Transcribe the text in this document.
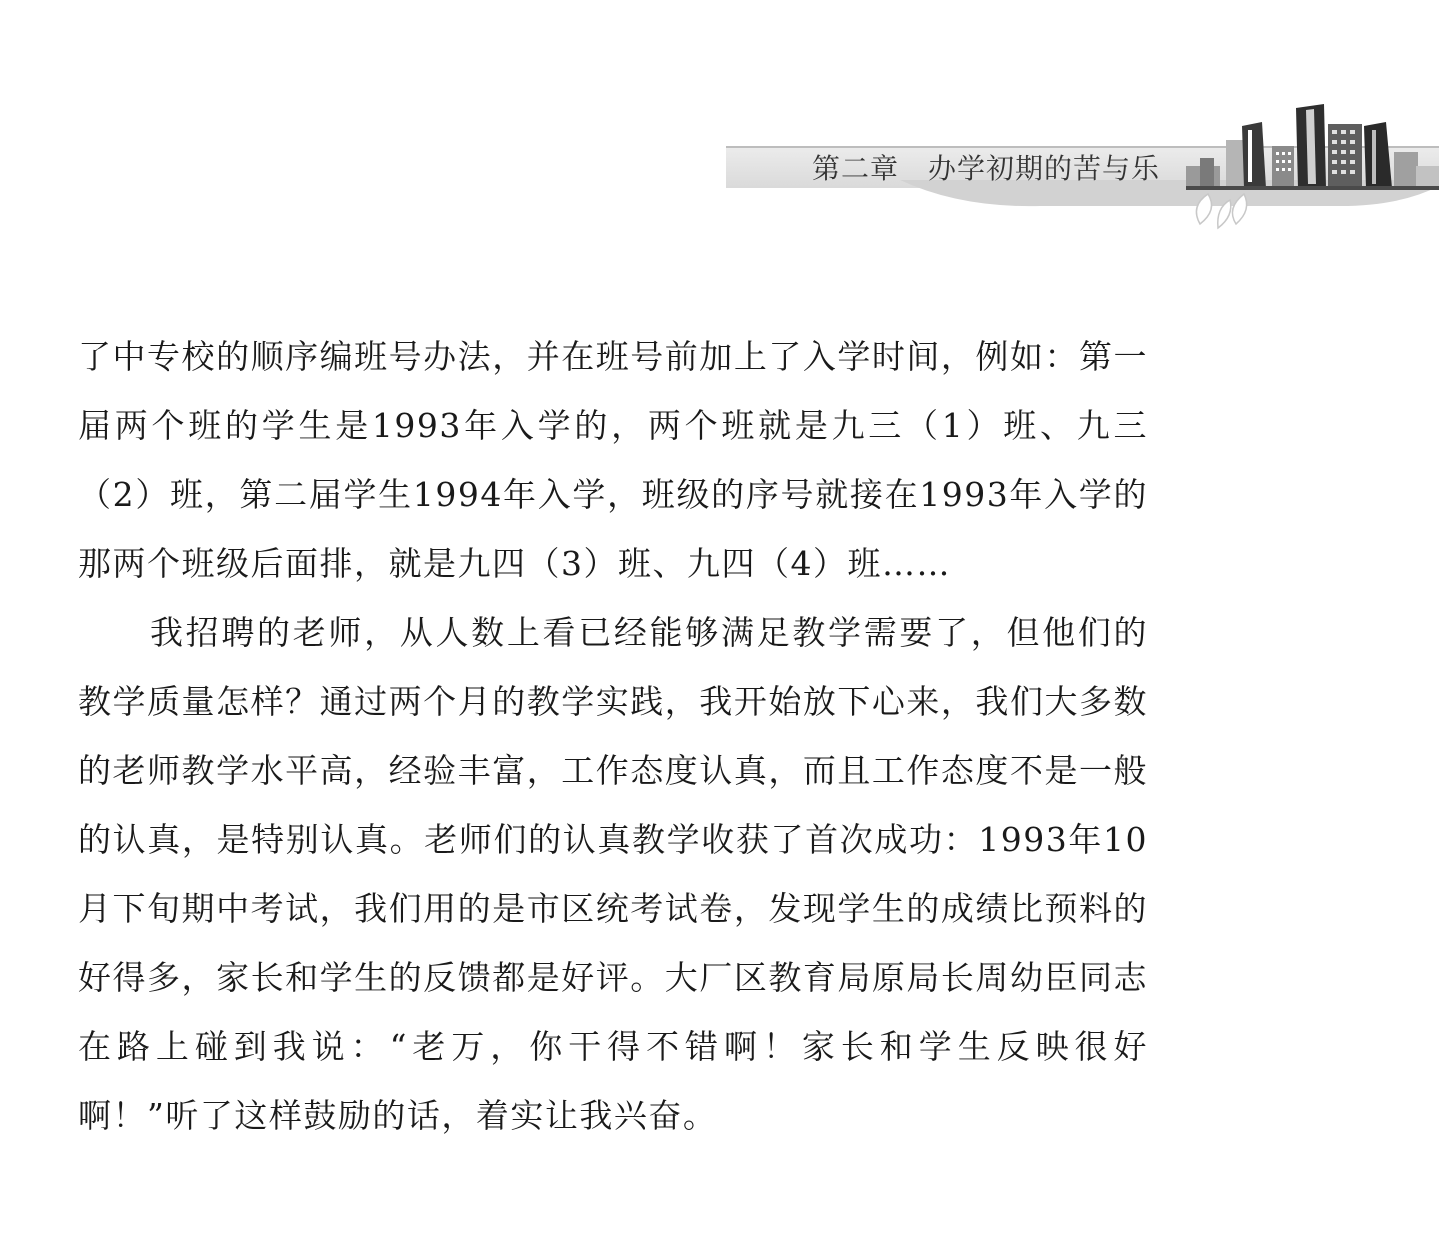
第二章　 办学初期的苦与乐

了中专校的顺序编班号办法，并在班号前加上了入学时间，例如：第一届两个班的学生是1993年入学的，两个班就是九三（1）班、九三（2）班，第二届学生1994年入学，班级的序号就接在1993年入学的那两个班级后面排，就是九四（3）班、九四（4）班……

我招聘的老师，从人数上看已经能够满足教学需要了，但他们的教学质量怎样？通过两个月的教学实践，我开始放下心来，我们大多数的老师教学水平高，经验丰富，工作态度认真，而且工作态度不是一般的认真，是特别认真。老师们的认真教学收获了首次成功：1993年10月下旬期中考试，我们用的是市区统考试卷，发现学生的成绩比预料的好得多，家长和学生的反馈都是好评。大厂区教育局原局长周幼臣同志在路上碰到我说：“老万，你干得不错啊！家长和学生反映很好啊！”听了这样鼓励的话，着实让我兴奋。
